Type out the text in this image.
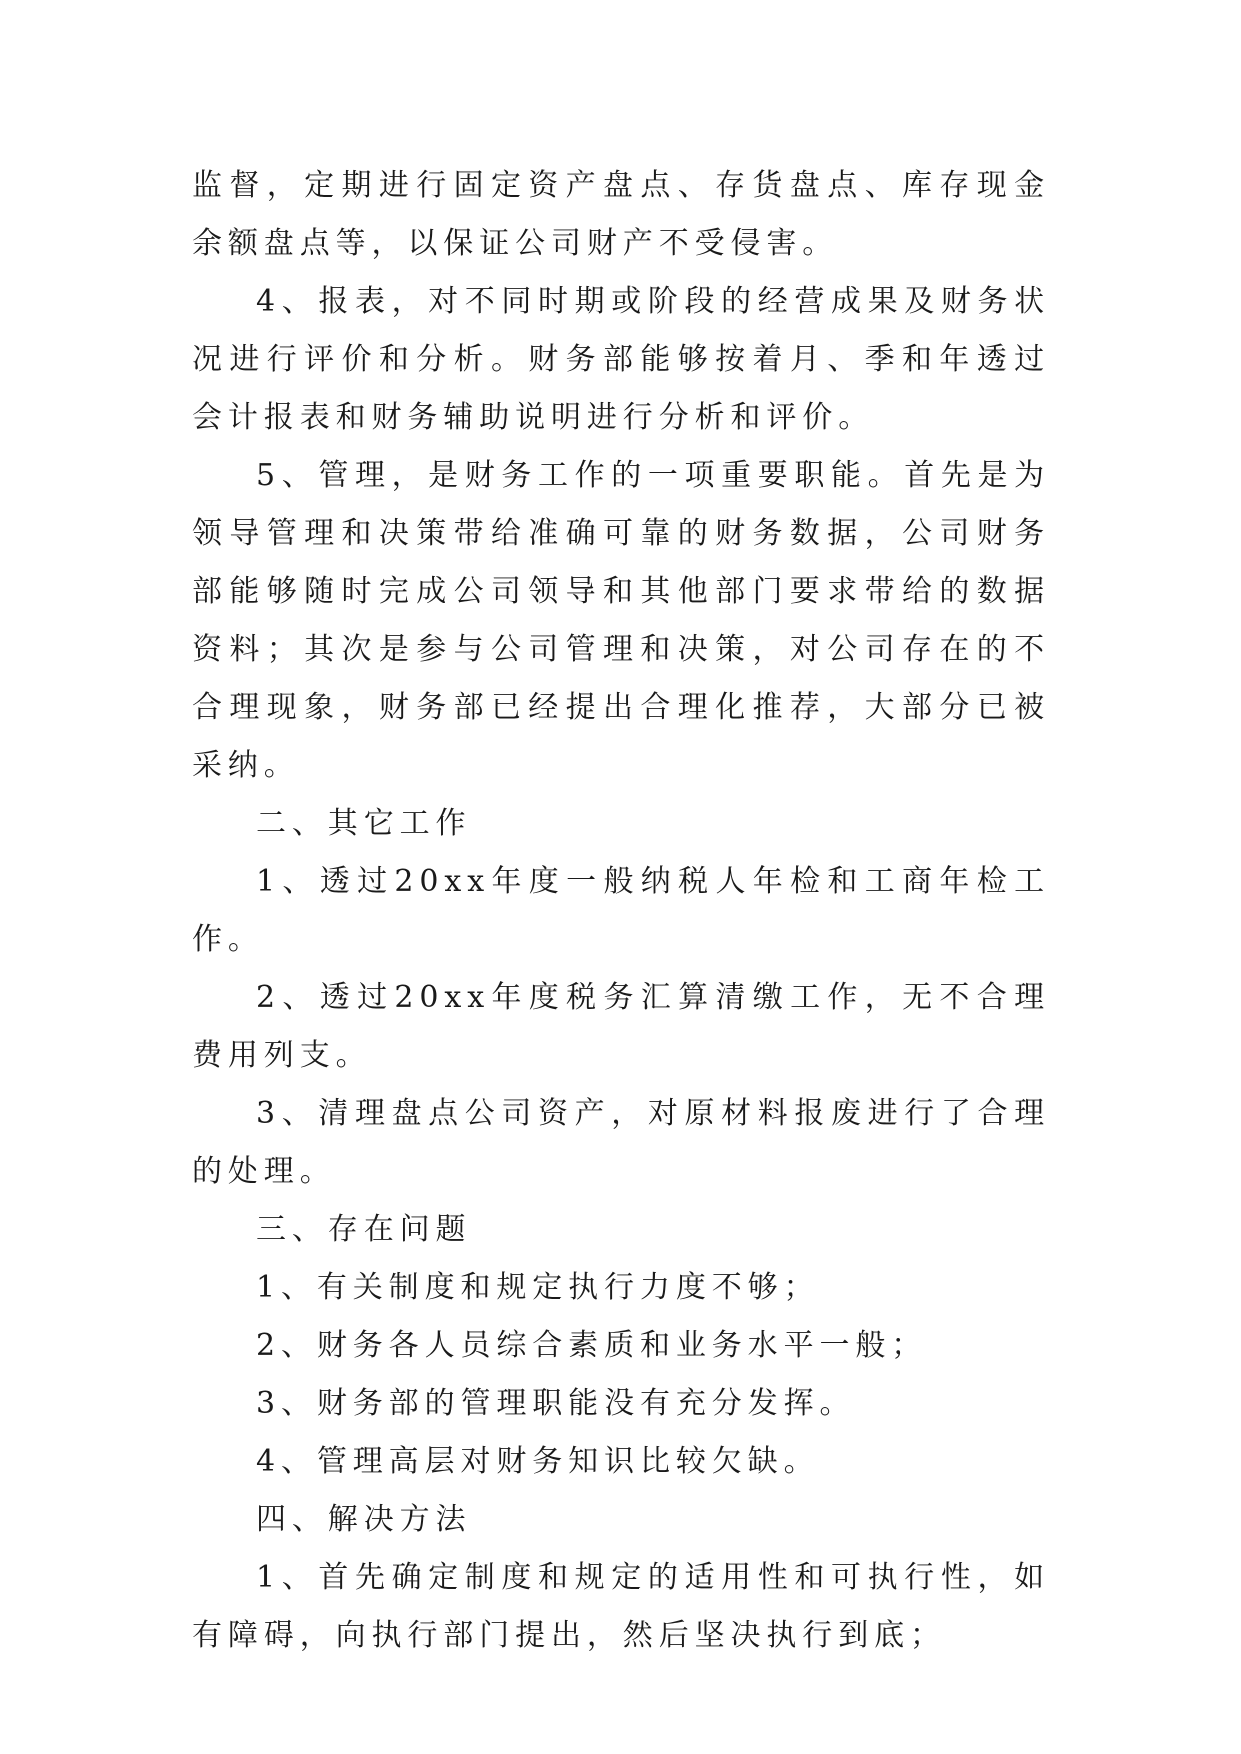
监督，定期进行固定资产盘点、存货盘点、库存现金余额盘点等，以保证公司财产不受侵害。

4、报表，对不同时期或阶段的经营成果及财务状况进行评价和分析。财务部能够按着月、季和年透过会计报表和财务辅助说明进行分析和评价。

5、管理，是财务工作的一项重要职能。首先是为领导管理和决策带给准确可靠的财务数据，公司财务部能够随时完成公司领导和其他部门要求带给的数据资料；其次是参与公司管理和决策，对公司存在的不合理现象，财务部已经提出合理化推荐，大部分已被采纳。

二、其它工作

1、透过20xx年度一般纳税人年检和工商年检工作。

2、透过20xx年度税务汇算清缴工作，无不合理费用列支。

3、清理盘点公司资产，对原材料报废进行了合理的处理。

三、存在问题

1、有关制度和规定执行力度不够；

2、财务各人员综合素质和业务水平一般；

3、财务部的管理职能没有充分发挥。

4、管理高层对财务知识比较欠缺。

四、解决方法

1、首先确定制度和规定的适用性和可执行性，如有障碍，向执行部门提出，然后坚决执行到底；
